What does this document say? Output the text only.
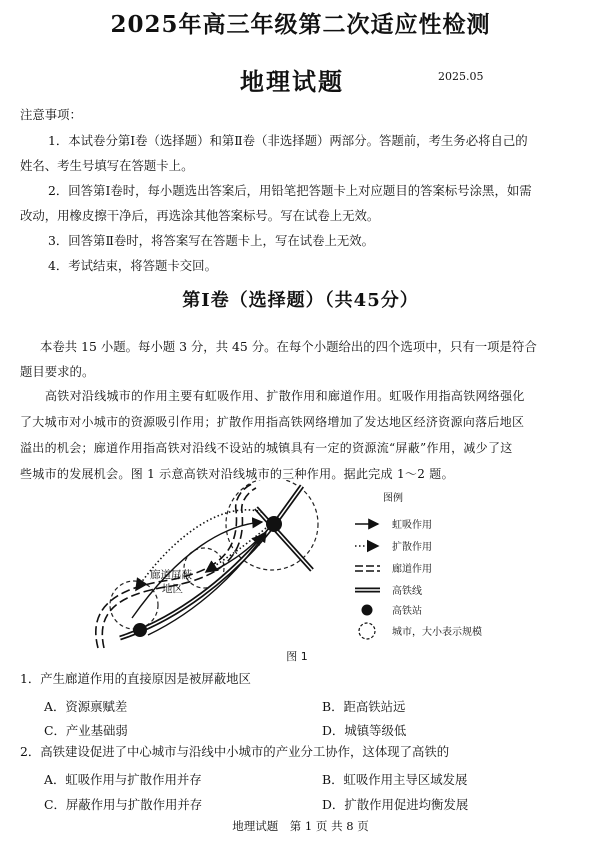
2025年高三年级第二次适应性检测
地理试题	2025.05
注意事项：
1．本试卷分第Ⅰ卷（选择题）和第Ⅱ卷（非选择题）两部分。答题前，考生务必将自己的
姓名、考生号填写在答题卡上。
2．回答第Ⅰ卷时，每小题选出答案后，用铅笔把答题卡上对应题目的答案标号涂黑，如需
改动，用橡皮擦干净后，再选涂其他答案标号。写在试卷上无效。
3．回答第Ⅱ卷时，将答案写在答题卡上，写在试卷上无效。
4．考试结束，将答题卡交回。
第Ⅰ卷（选择题）（共45分）
本卷共 15 小题。每小题 3 分，共 45 分。在每个小题给出的四个选项中，只有一项是符合
题目要求的。
高铁对沿线城市的作用主要有虹吸作用、扩散作用和廊道作用。虹吸作用指高铁网络强化
了大城市对小城市的资源吸引作用；扩散作用指高铁网络增加了发达地区经济资源向落后地区
溢出的机会；廊道作用指高铁对沿线不设站的城镇具有一定的资源流“屏蔽”作用，减少了这
些城市的发展机会。图 1 示意高铁对沿线城市的三种作用。据此完成 1～2 题。
廊道屏蔽
地区
图例
虹吸作用
扩散作用
廊道作用
高铁线
高铁站
城市，大小表示规模
图 1
1．产生廊道作用的直接原因是被屏蔽地区
A．资源禀赋差	B．距高铁站远
C．产业基础弱	D．城镇等级低
2．高铁建设促进了中心城市与沿线中小城市的产业分工协作，这体现了高铁的
A．虹吸作用与扩散作用并存	B．虹吸作用主导区域发展
C．屏蔽作用与扩散作用并存	D．扩散作用促进均衡发展
地理试题　第 1 页 共 8 页
